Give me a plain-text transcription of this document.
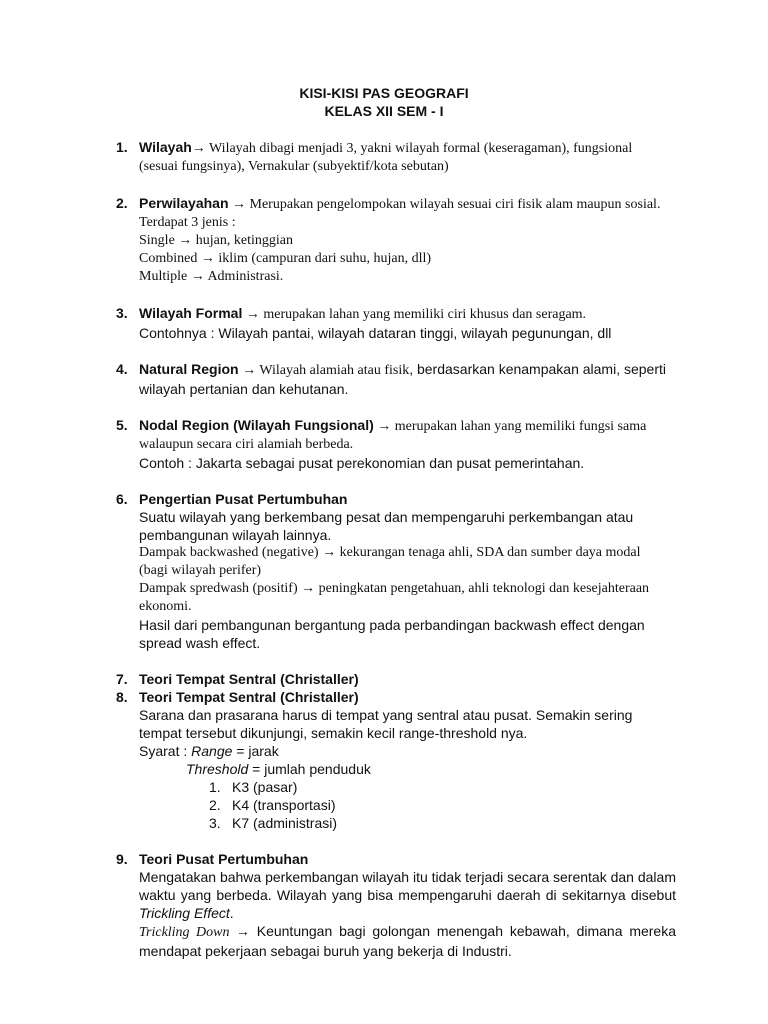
KISI-KISI PAS GEOGRAFI
KELAS XII SEM - I
1. Wilayah→ Wilayah dibagi menjadi 3, yakni wilayah formal (keseragaman), fungsional
(sesuai fungsinya), Vernakular (subyektif/kota sebutan)
2. Perwilayahan → Merupakan pengelompokan wilayah sesuai ciri fisik alam maupun sosial.
Terdapat 3 jenis :
Single → hujan, ketinggian
Combined → iklim (campuran dari suhu, hujan, dll)
Multiple → Administrasi.
3. Wilayah Formal → merupakan lahan yang memiliki ciri khusus dan seragam.
Contohnya : Wilayah pantai, wilayah dataran tinggi, wilayah pegunungan, dll
4. Natural Region → Wilayah alamiah atau fisik, berdasarkan kenampakan alami, seperti
wilayah pertanian dan kehutanan.
5. Nodal Region (Wilayah Fungsional) → merupakan lahan yang memiliki fungsi sama
walaupun secara ciri alamiah berbeda.
Contoh : Jakarta sebagai pusat perekonomian dan pusat pemerintahan.
6. Pengertian Pusat Pertumbuhan
Suatu wilayah yang berkembang pesat dan mempengaruhi perkembangan atau
pembangunan wilayah lainnya.
Dampak backwashed (negative) → kekurangan tenaga ahli, SDA dan sumber daya modal
(bagi wilayah perifer)
Dampak spredwash (positif) → peningkatan pengetahuan, ahli teknologi dan kesejahteraan
ekonomi.
Hasil dari pembangunan bergantung pada perbandingan backwash effect dengan
spread wash effect.
7. Teori Tempat Sentral (Christaller)
8. Teori Tempat Sentral (Christaller)
Sarana dan prasarana harus di tempat yang sentral atau pusat. Semakin sering
tempat tersebut dikunjungi, semakin kecil range-threshold nya.
Syarat : Range = jarak
Threshold = jumlah penduduk
1. K3 (pasar)
2. K4 (transportasi)
3. K7 (administrasi)
9. Teori Pusat Pertumbuhan
Mengatakan bahwa perkembangan wilayah itu tidak terjadi secara serentak dan dalam waktu yang berbeda. Wilayah yang bisa mempengaruhi daerah di sekitarnya disebut Trickling Effect.
Trickling Down → Keuntungan bagi golongan menengah kebawah, dimana mereka mendapat pekerjaan sebagai buruh yang bekerja di Industri.
